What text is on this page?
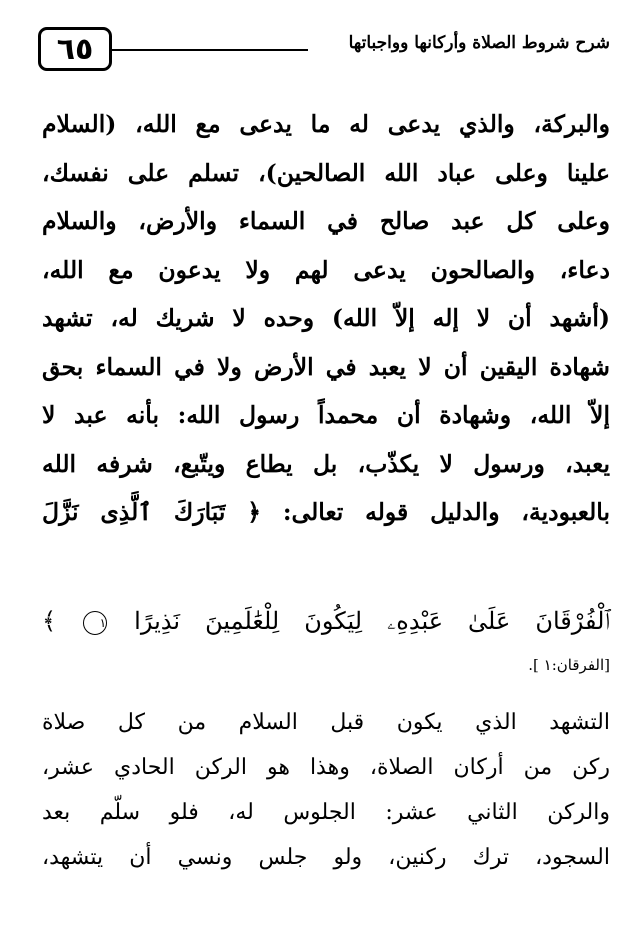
٦٥	شرح شروط الصلاة وأركانها وواجباتها
والبركة، والذي يدعى له ما يدعى مع الله، (السلام
علينا وعلى عباد الله الصالحين)، تسلم على نفسك،
وعلى كل عبد صالح في السماء والأرض، والسلام
دعاء، والصالحون يدعى لهم ولا يدعون مع الله،
(أشهد أن لا إله إلاّ الله) وحده لا شريك له، تشهد
شهادة اليقين أن لا يعبد في الأرض ولا في السماء بحق
إلاّ الله، وشهادة أن محمداً رسول الله: بأنه عبد لا
يعبد، ورسول لا يكذّب، بل يطاع ويتّبع، شرفه الله
بالعبودية، والدليل قوله تعالى: ﴿ تَبَارَكَ ٱلَّذِى نَزَّلَ
ٱلْفُرْقَانَ عَلَىٰ عَبْدِهِۦ لِيَكُونَ لِلْعَٰلَمِينَ نَذِيرًا ١ ﴾
[الفرقان:١ ].
التشهد الذي يكون قبل السلام من كل صلاة
ركن من أركان الصلاة، وهذا هو الركن الحادي عشر،
والركن الثاني عشر: الجلوس له، فلو سلّم بعد
السجود، ترك ركنين، ولو جلس ونسي أن يتشهد،
